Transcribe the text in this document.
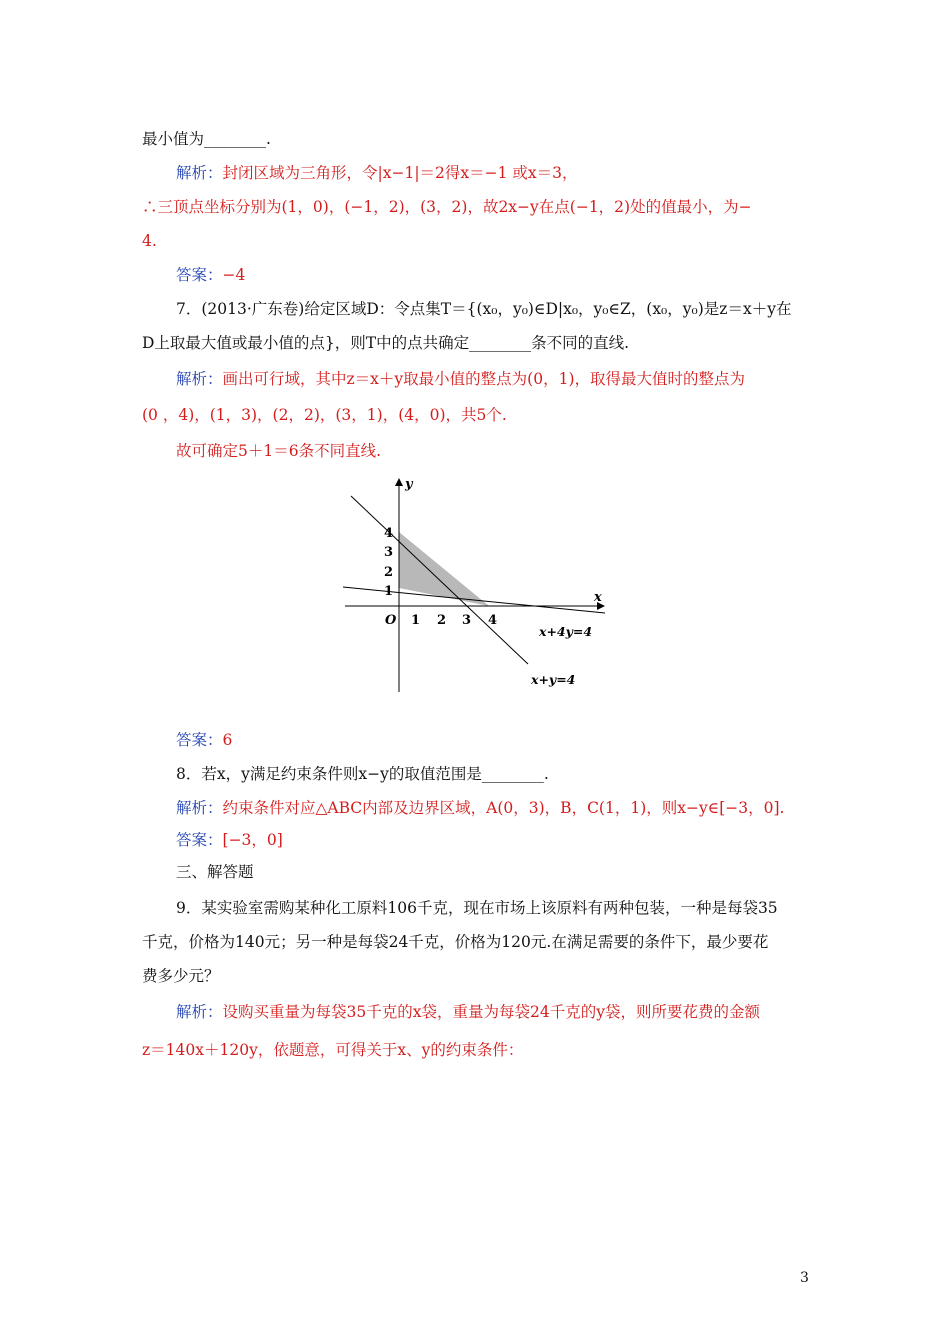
最小值为________.
解析：封闭区域为三角形，令|x−1|＝2得x＝−1 或x＝3，
∴三顶点坐标分别为(1，0)，(−1，2)，(3，2)，故2x−y在点(−1，2)处的值最小，为−
4.
答案：−4
7．(2013·广东卷)给定区域D：令点集T＝{(x₀，y₀)∈D|x₀，y₀∈Z，(x₀，y₀)是z＝x＋y在
D上取最大值或最小值的点}，则T中的点共确定________条不同的直线.
解析：画出可行域，其中z＝x＋y取最小值的整点为(0，1)，取得最大值时的整点为
(0 ，4)，(1，3)，(2，2)，(3，1)，(4，0)，共5个.
故可确定5＋1＝6条不同直线.
y
x
O 1 2 3 4
1
2
3
4
x+4y=4
x+y=4
答案：6
8．若x，y满足约束条件则x−y的取值范围是________.
解析：约束条件对应△ABC内部及边界区域，A(0，3)，B，C(1，1)，则x−y∈[−3，0].
答案：[−3，0]
三、解答题
9．某实验室需购某种化工原料106千克，现在市场上该原料有两种包装，一种是每袋35
千克，价格为140元；另一种是每袋24千克，价格为120元.在满足需要的条件下，最少要花
费多少元？
解析：设购买重量为每袋35千克的x袋，重量为每袋24千克的y袋，则所要花费的金额
z＝140x＋120y，依题意，可得关于x、y的约束条件：
3
